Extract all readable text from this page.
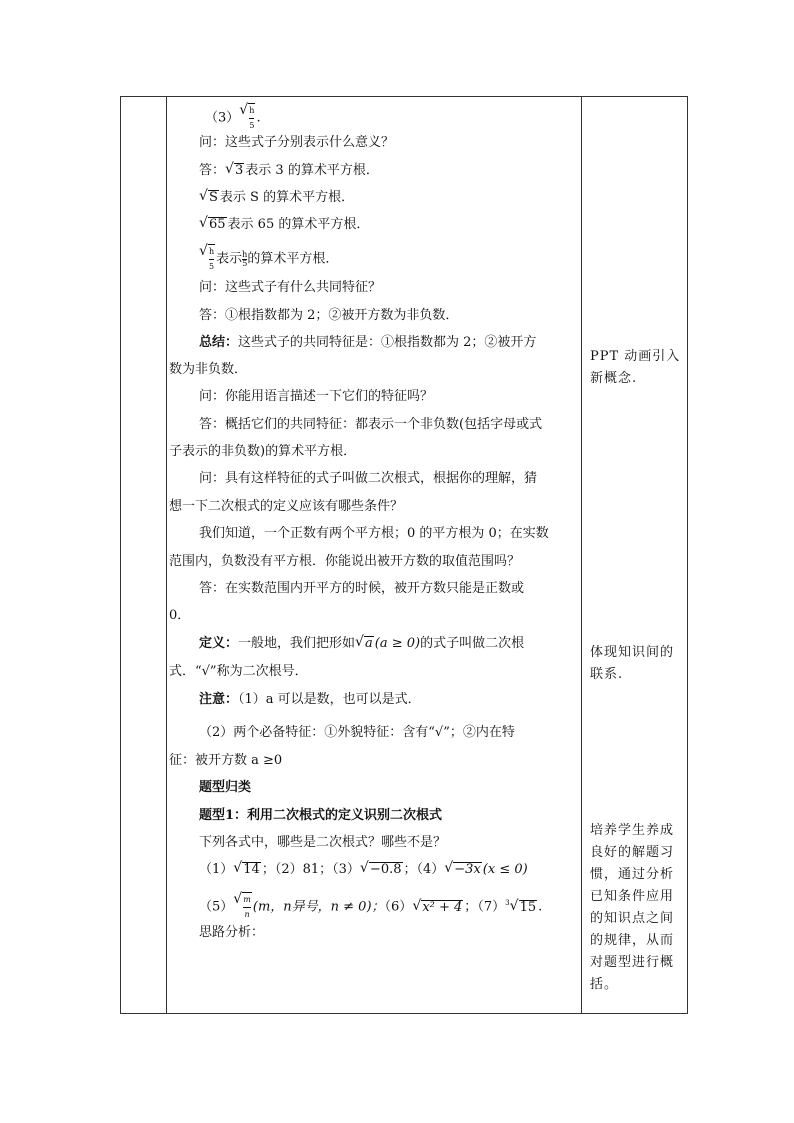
（3）
√ $\frac{h}{5}$ .
问：这些式子分别表示什么意义？
答：√ 3 表示 3 的算术平方根．
√ S 表示 S 的算术平方根．
√ 65 表示 65 的算术平方根．
√ $\frac{h}{5}$ 表示 $\frac{h}{5}$ 的算术平方根．
问：这些式子有什么共同特征？
答：①根指数都为 2；②被开方数为非负数．
总结：这些式子的共同特征是：①根指数都为 2；②被开方
数为非负数．
问：你能用语言描述一下它们的特征吗？
答：概括它们的共同特征：都表示一个非负数(包括字母或式
子表示的非负数)的算术平方根．
问：具有这样特征的式子叫做二次根式，根据你的理解，猜
想一下二次根式的定义应该有哪些条件？
我们知道，一个正数有两个平方根；0 的平方根为 0；在实数
范围内，负数没有平方根．你能说出被开方数的取值范围吗？
答：在实数范围内开平方的时候，被开方数只能是正数或
0．
定义：一般地，我们把形如√ a (a ≥ 0)的式子叫做二次根
式．“√”称为二次根号．
注意：（1）a 可以是数，也可以是式．
（2）两个必备特征：①外貌特征：含有“√”；②内在特
征：被开方数 a ≥0
题型归类
题型1：利用二次根式的定义识别二次根式
下列各式中，哪些是二次根式？哪些不是？
（1）√ 14 ；（2）81；（3）√ −0.8 ；（4）√ −3x (x ≤ 0)
（5）
√ $\frac{m}{n} (m$，n异号，n ≠ 0)；（6）√ x² + 4 ；$(7)^3√$ 15 .
思路分析：
PPT 动画引入新概念.
体现知识间的联系.
培养学生养成良好的解题习惯，通过分析已知条件应用的知识点之间的规律，从而对题型进行概括。
